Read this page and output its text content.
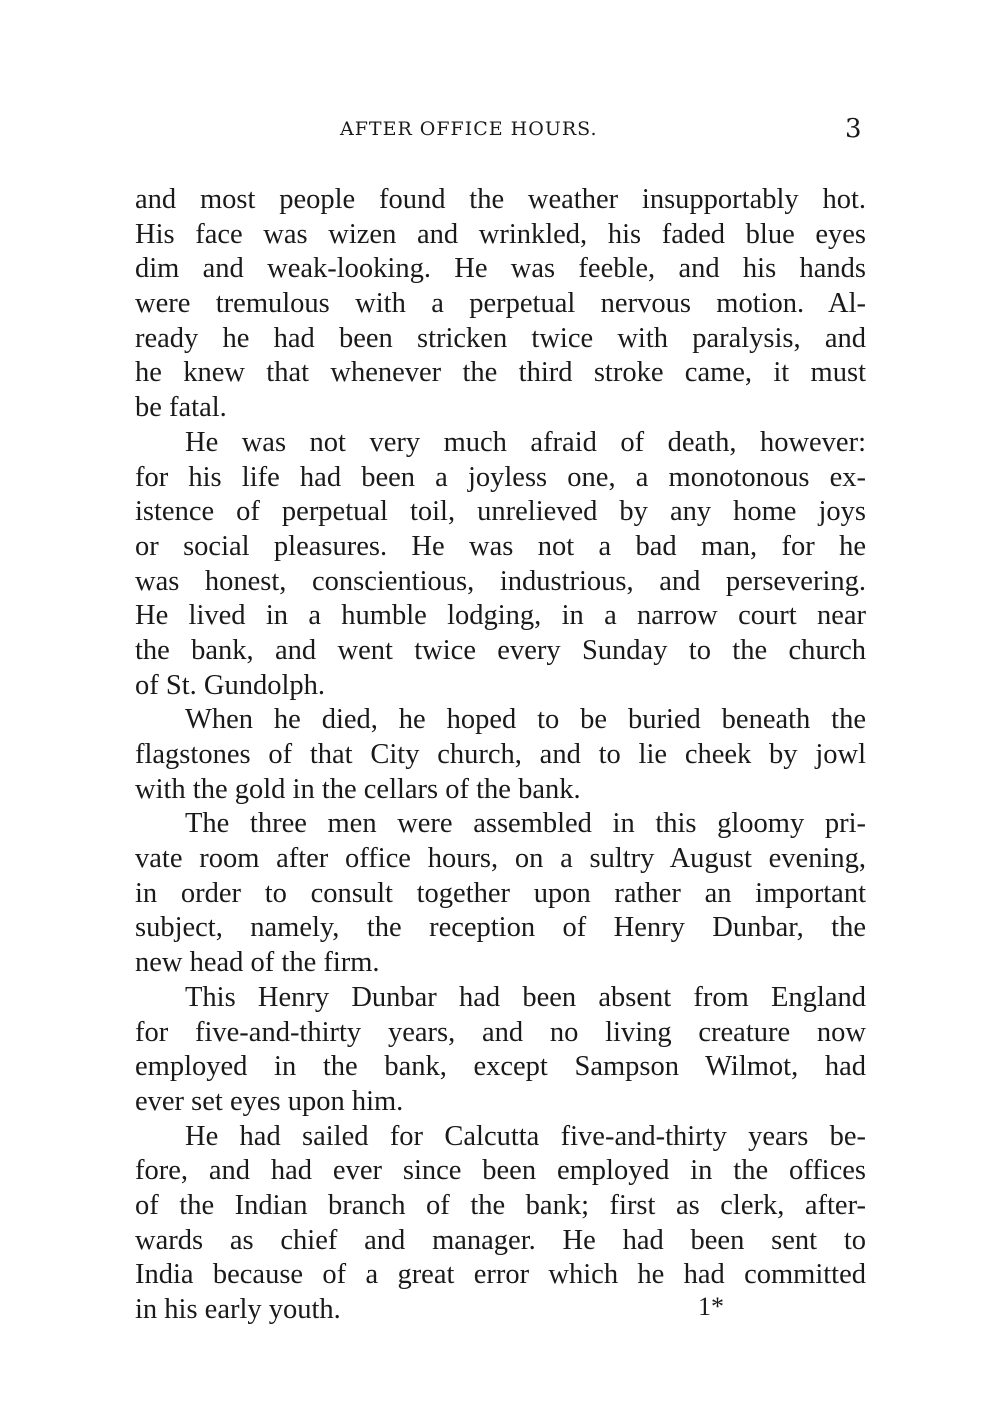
AFTER OFFICE HOURS.	3
and most people found the weather insupportably hot.
His face was wizen and wrinkled, his faded blue eyes
dim and weak-looking. He was feeble, and his hands
were tremulous with a perpetual nervous motion. Al-
ready he had been stricken twice with paralysis, and
he knew that whenever the third stroke came, it must
be fatal.
He was not very much afraid of death, however:
for his life had been a joyless one, a monotonous ex-
istence of perpetual toil, unrelieved by any home joys
or social pleasures. He was not a bad man, for he
was honest, conscientious, industrious, and persevering.
He lived in a humble lodging, in a narrow court near
the bank, and went twice every Sunday to the church
of St. Gundolph.
When he died, he hoped to be buried beneath the
flagstones of that City church, and to lie cheek by jowl
with the gold in the cellars of the bank.
The three men were assembled in this gloomy pri-
vate room after office hours, on a sultry August evening,
in order to consult together upon rather an important
subject, namely, the reception of Henry Dunbar, the
new head of the firm.
This Henry Dunbar had been absent from England
for five-and-thirty years, and no living creature now
employed in the bank, except Sampson Wilmot, had
ever set eyes upon him.
He had sailed for Calcutta five-and-thirty years be-
fore, and had ever since been employed in the offices
of the Indian branch of the bank; first as clerk, after-
wards as chief and manager. He had been sent to
India because of a great error which he had committed
in his early youth.	1*
